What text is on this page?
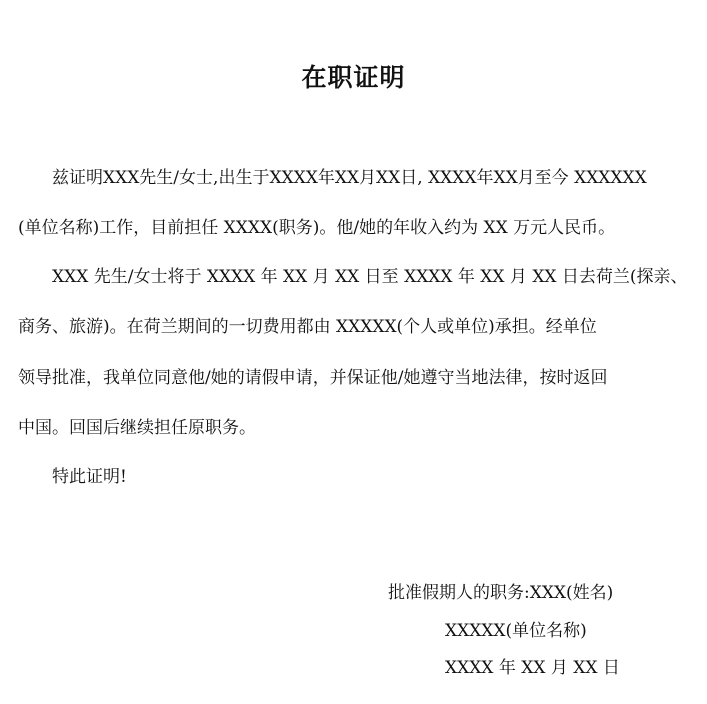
在职证明
兹证明XXX先生/女士,出生于XXXX年XX月XX日, XXXX年XX月至今 XXXXXX
(单位名称)工作，目前担任 XXXX(职务)。他/她的年收入约为 XX 万元人民币。
XXX 先生/女士将于 XXXX 年 XX 月 XX 日至 XXXX 年 XX 月 XX 日去荷兰(探亲、
商务、旅游)。在荷兰期间的一切费用都由 XXXXX(个人或单位)承担。经单位
领导批准，我单位同意他/她的请假申请，并保证他/她遵守当地法律，按时返回
中国。回国后继续担任原职务。
特此证明!
批准假期人的职务:XXX(姓名)
XXXXX(单位名称)
XXXX 年 XX 月 XX 日
